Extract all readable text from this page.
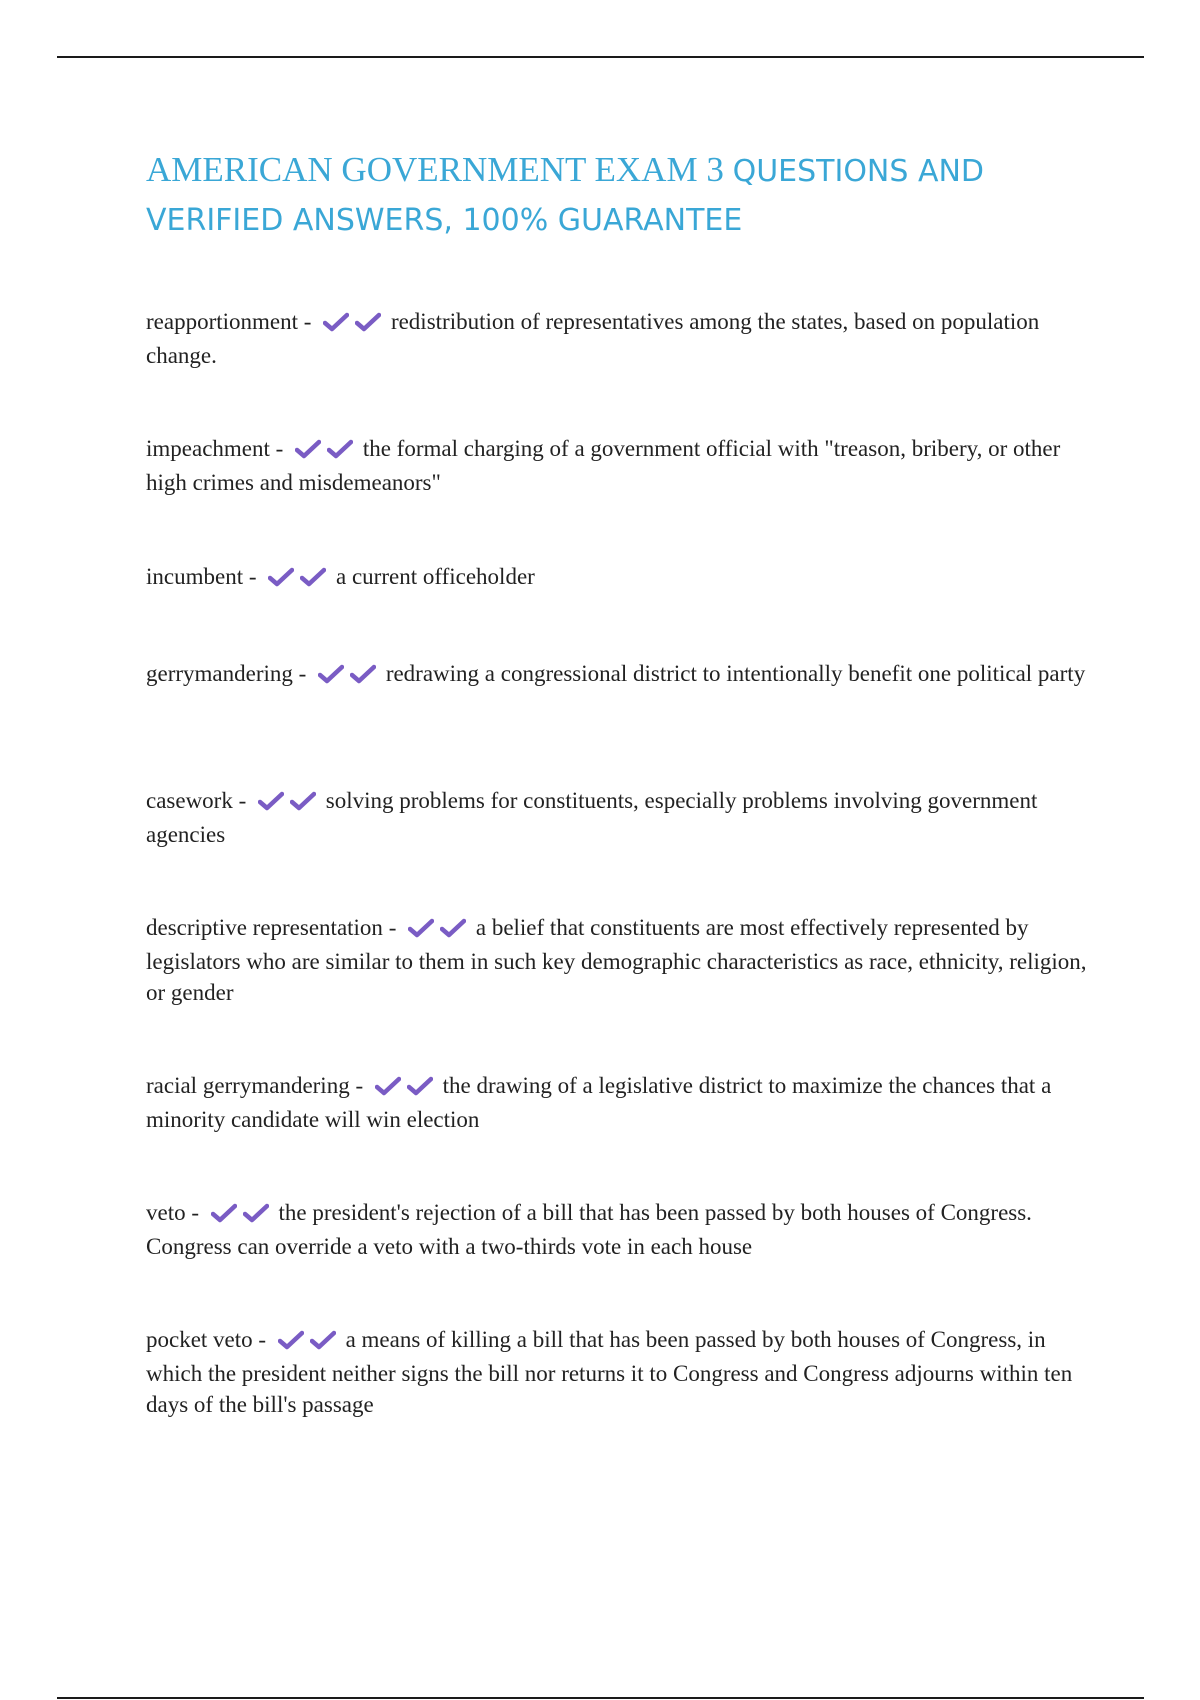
AMERICAN GOVERNMENT EXAM 3 QUESTIONS AND
VERIFIED ANSWERS, 100% GUARANTEE

reapportionment -	redistribution of representatives among the states, based on population change.

impeachment -	the formal charging of a government official with "treason, bribery, or other high crimes and misdemeanors"

incumbent -	a current officeholder

gerrymandering -	redrawing a congressional district to intentionally benefit one political party

casework -	solving problems for constituents, especially problems involving government agencies

descriptive representation -	a belief that constituents are most effectively represented by legislators who are similar to them in such key demographic characteristics as race, ethnicity, religion, or gender

racial gerrymandering -	the drawing of a legislative district to maximize the chances that a minority candidate will win election

veto -	the president's rejection of a bill that has been passed by both houses of Congress. Congress can override a veto with a two-thirds vote in each house

pocket veto -	a means of killing a bill that has been passed by both houses of Congress, in which the president neither signs the bill nor returns it to Congress and Congress adjourns within ten days of the bill's passage
